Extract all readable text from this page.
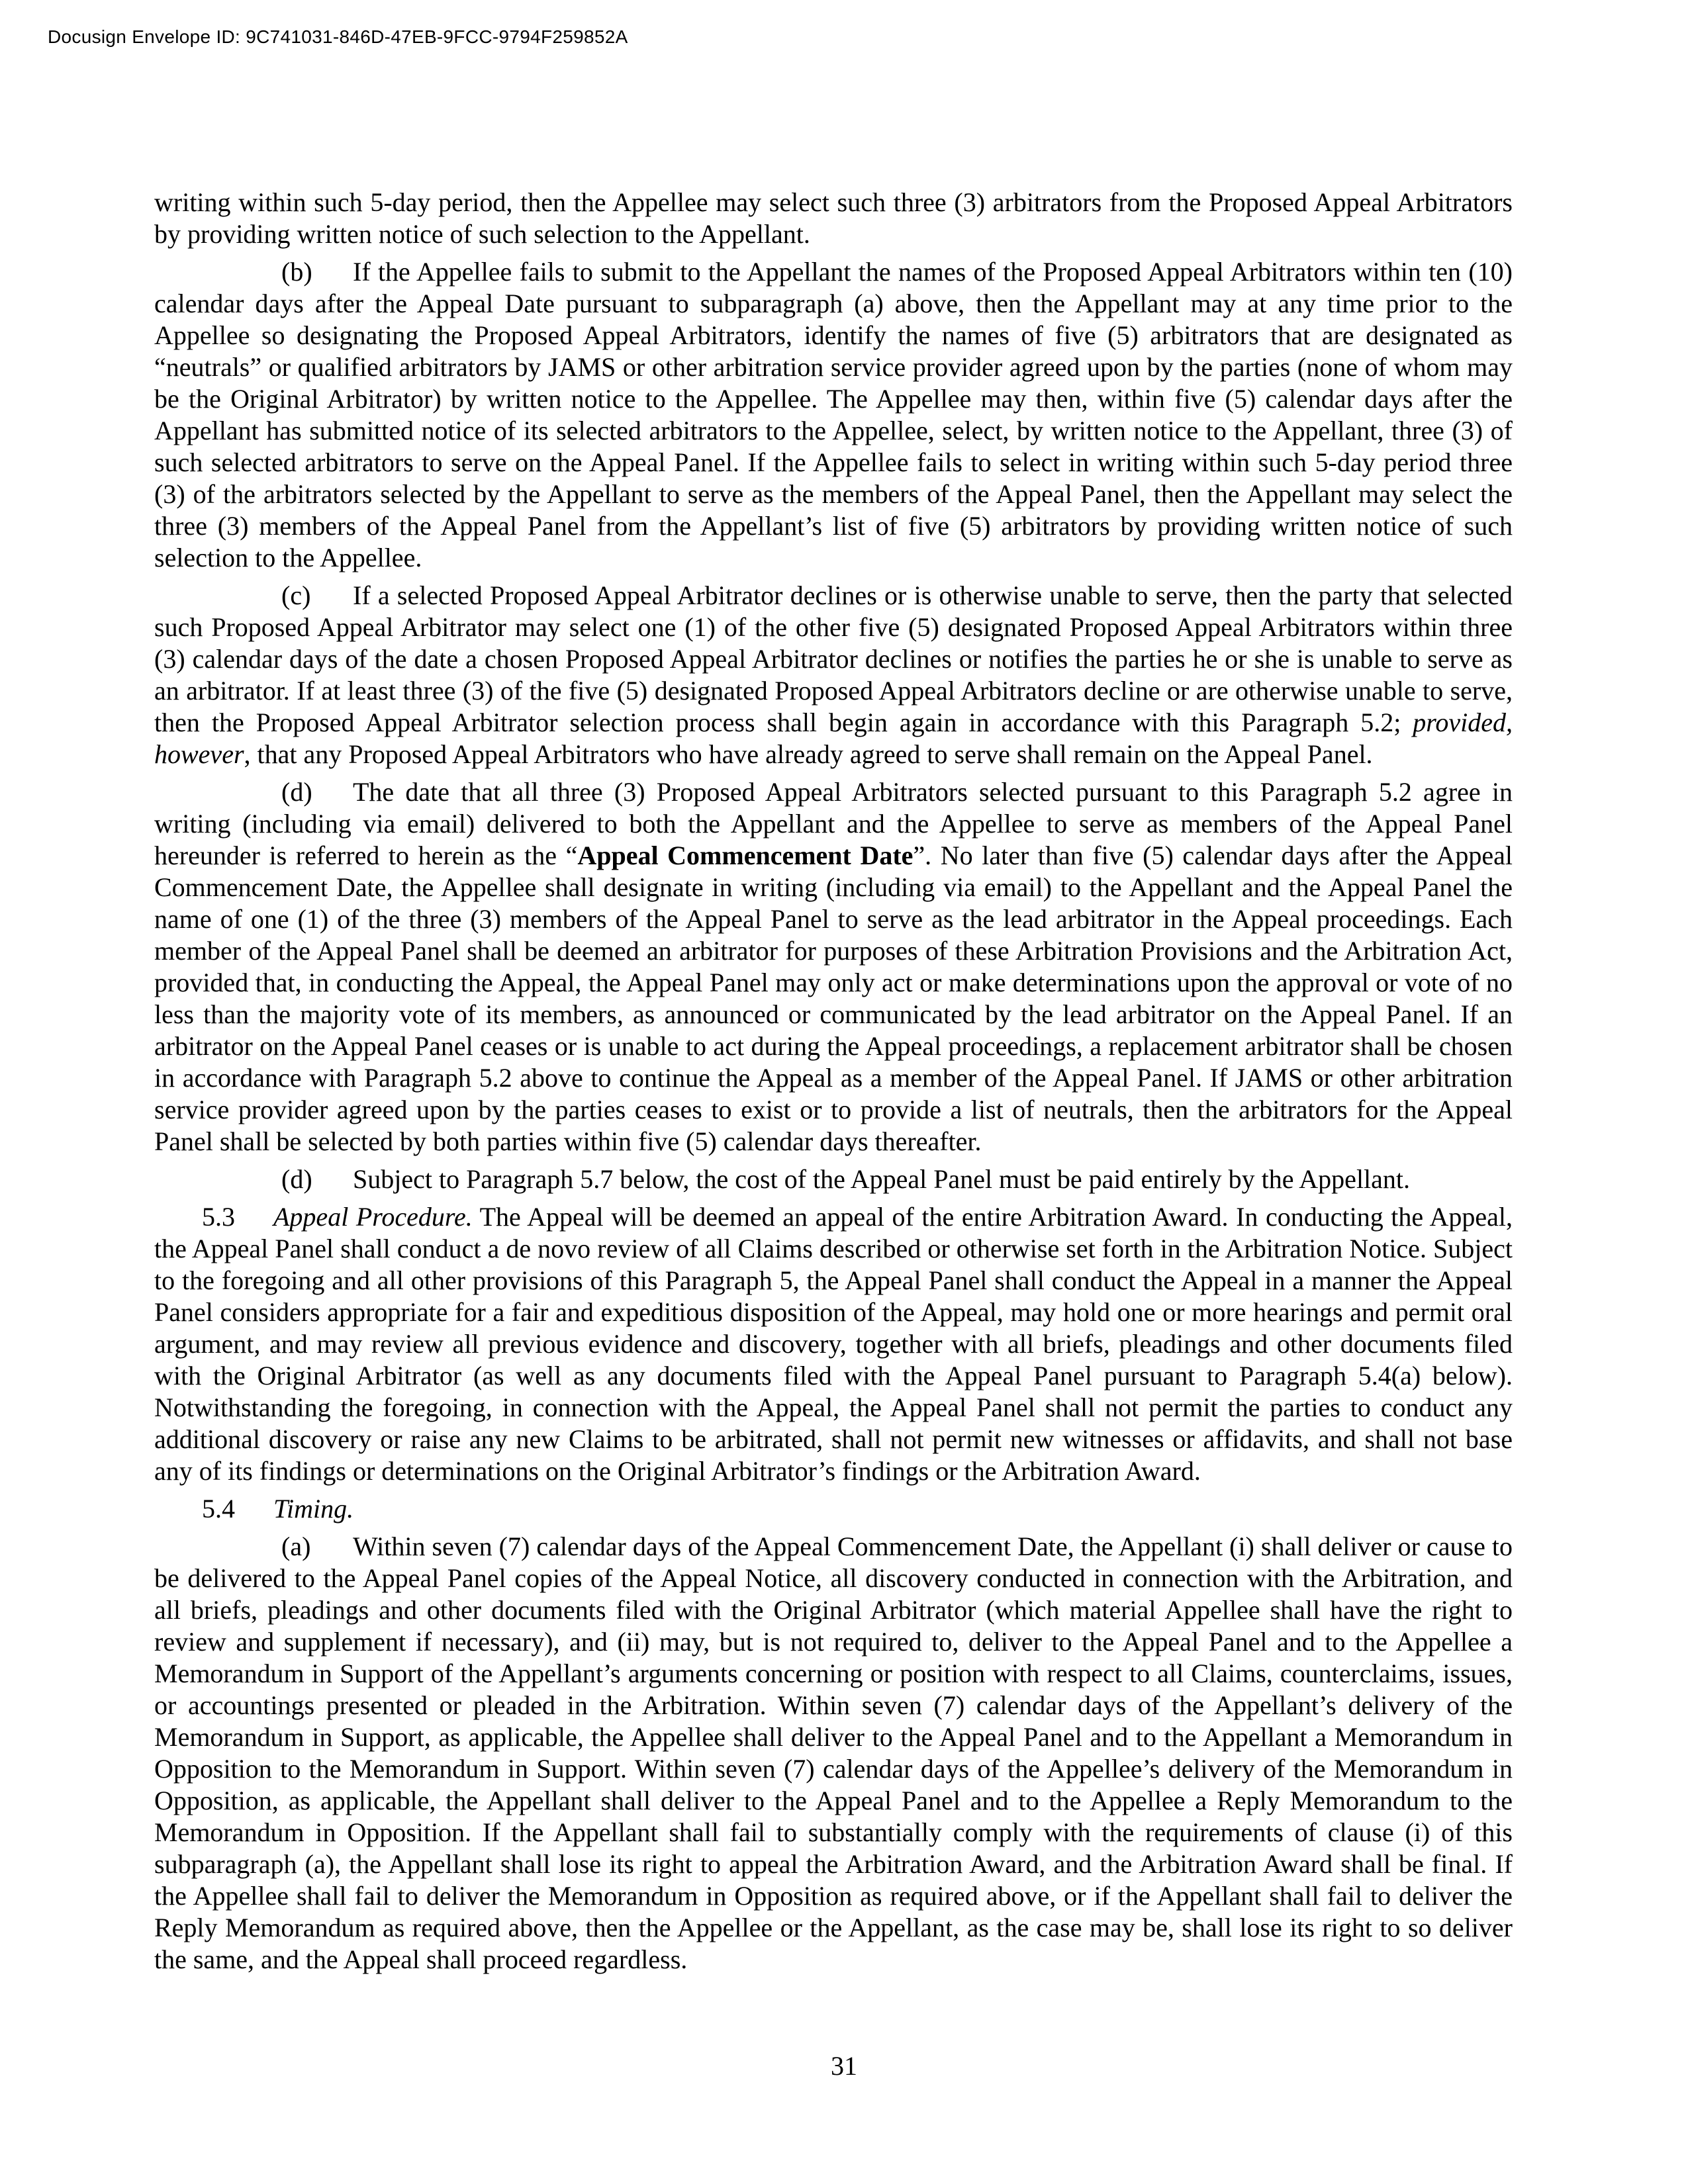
Docusign Envelope ID: 9C741031-846D-47EB-9FCC-9794F259852A

writing within such 5-day period, then the Appellee may select such three (3) arbitrators from the Proposed Appeal Arbitrators by providing written notice of such selection to the Appellant.

(b) If the Appellee fails to submit to the Appellant the names of the Proposed Appeal Arbitrators within ten (10) calendar days after the Appeal Date pursuant to subparagraph (a) above, then the Appellant may at any time prior to the Appellee so designating the Proposed Appeal Arbitrators, identify the names of five (5) arbitrators that are designated as “neutrals” or qualified arbitrators by JAMS or other arbitration service provider agreed upon by the parties (none of whom may be the Original Arbitrator) by written notice to the Appellee. The Appellee may then, within five (5) calendar days after the Appellant has submitted notice of its selected arbitrators to the Appellee, select, by written notice to the Appellant, three (3) of such selected arbitrators to serve on the Appeal Panel. If the Appellee fails to select in writing within such 5-day period three (3) of the arbitrators selected by the Appellant to serve as the members of the Appeal Panel, then the Appellant may select the three (3) members of the Appeal Panel from the Appellant’s list of five (5) arbitrators by providing written notice of such selection to the Appellee.

(c) If a selected Proposed Appeal Arbitrator declines or is otherwise unable to serve, then the party that selected such Proposed Appeal Arbitrator may select one (1) of the other five (5) designated Proposed Appeal Arbitrators within three (3) calendar days of the date a chosen Proposed Appeal Arbitrator declines or notifies the parties he or she is unable to serve as an arbitrator. If at least three (3) of the five (5) designated Proposed Appeal Arbitrators decline or are otherwise unable to serve, then the Proposed Appeal Arbitrator selection process shall begin again in accordance with this Paragraph 5.2; provided, however, that any Proposed Appeal Arbitrators who have already agreed to serve shall remain on the Appeal Panel.

(d) The date that all three (3) Proposed Appeal Arbitrators selected pursuant to this Paragraph 5.2 agree in writing (including via email) delivered to both the Appellant and the Appellee to serve as members of the Appeal Panel hereunder is referred to herein as the “Appeal Commencement Date”. No later than five (5) calendar days after the Appeal Commencement Date, the Appellee shall designate in writing (including via email) to the Appellant and the Appeal Panel the name of one (1) of the three (3) members of the Appeal Panel to serve as the lead arbitrator in the Appeal proceedings. Each member of the Appeal Panel shall be deemed an arbitrator for purposes of these Arbitration Provisions and the Arbitration Act, provided that, in conducting the Appeal, the Appeal Panel may only act or make determinations upon the approval or vote of no less than the majority vote of its members, as announced or communicated by the lead arbitrator on the Appeal Panel. If an arbitrator on the Appeal Panel ceases or is unable to act during the Appeal proceedings, a replacement arbitrator shall be chosen in accordance with Paragraph 5.2 above to continue the Appeal as a member of the Appeal Panel. If JAMS or other arbitration service provider agreed upon by the parties ceases to exist or to provide a list of neutrals, then the arbitrators for the Appeal Panel shall be selected by both parties within five (5) calendar days thereafter.

(d) Subject to Paragraph 5.7 below, the cost of the Appeal Panel must be paid entirely by the Appellant.

5.3 Appeal Procedure. The Appeal will be deemed an appeal of the entire Arbitration Award. In conducting the Appeal, the Appeal Panel shall conduct a de novo review of all Claims described or otherwise set forth in the Arbitration Notice. Subject to the foregoing and all other provisions of this Paragraph 5, the Appeal Panel shall conduct the Appeal in a manner the Appeal Panel considers appropriate for a fair and expeditious disposition of the Appeal, may hold one or more hearings and permit oral argument, and may review all previous evidence and discovery, together with all briefs, pleadings and other documents filed with the Original Arbitrator (as well as any documents filed with the Appeal Panel pursuant to Paragraph 5.4(a) below). Notwithstanding the foregoing, in connection with the Appeal, the Appeal Panel shall not permit the parties to conduct any additional discovery or raise any new Claims to be arbitrated, shall not permit new witnesses or affidavits, and shall not base any of its findings or determinations on the Original Arbitrator’s findings or the Arbitration Award.

5.4 Timing.

(a) Within seven (7) calendar days of the Appeal Commencement Date, the Appellant (i) shall deliver or cause to be delivered to the Appeal Panel copies of the Appeal Notice, all discovery conducted in connection with the Arbitration, and all briefs, pleadings and other documents filed with the Original Arbitrator (which material Appellee shall have the right to review and supplement if necessary), and (ii) may, but is not required to, deliver to the Appeal Panel and to the Appellee a Memorandum in Support of the Appellant’s arguments concerning or position with respect to all Claims, counterclaims, issues, or accountings presented or pleaded in the Arbitration. Within seven (7) calendar days of the Appellant’s delivery of the Memorandum in Support, as applicable, the Appellee shall deliver to the Appeal Panel and to the Appellant a Memorandum in Opposition to the Memorandum in Support. Within seven (7) calendar days of the Appellee’s delivery of the Memorandum in Opposition, as applicable, the Appellant shall deliver to the Appeal Panel and to the Appellee a Reply Memorandum to the Memorandum in Opposition. If the Appellant shall fail to substantially comply with the requirements of clause (i) of this subparagraph (a), the Appellant shall lose its right to appeal the Arbitration Award, and the Arbitration Award shall be final. If the Appellee shall fail to deliver the Memorandum in Opposition as required above, or if the Appellant shall fail to deliver the Reply Memorandum as required above, then the Appellee or the Appellant, as the case may be, shall lose its right to so deliver the same, and the Appeal shall proceed regardless.

31
